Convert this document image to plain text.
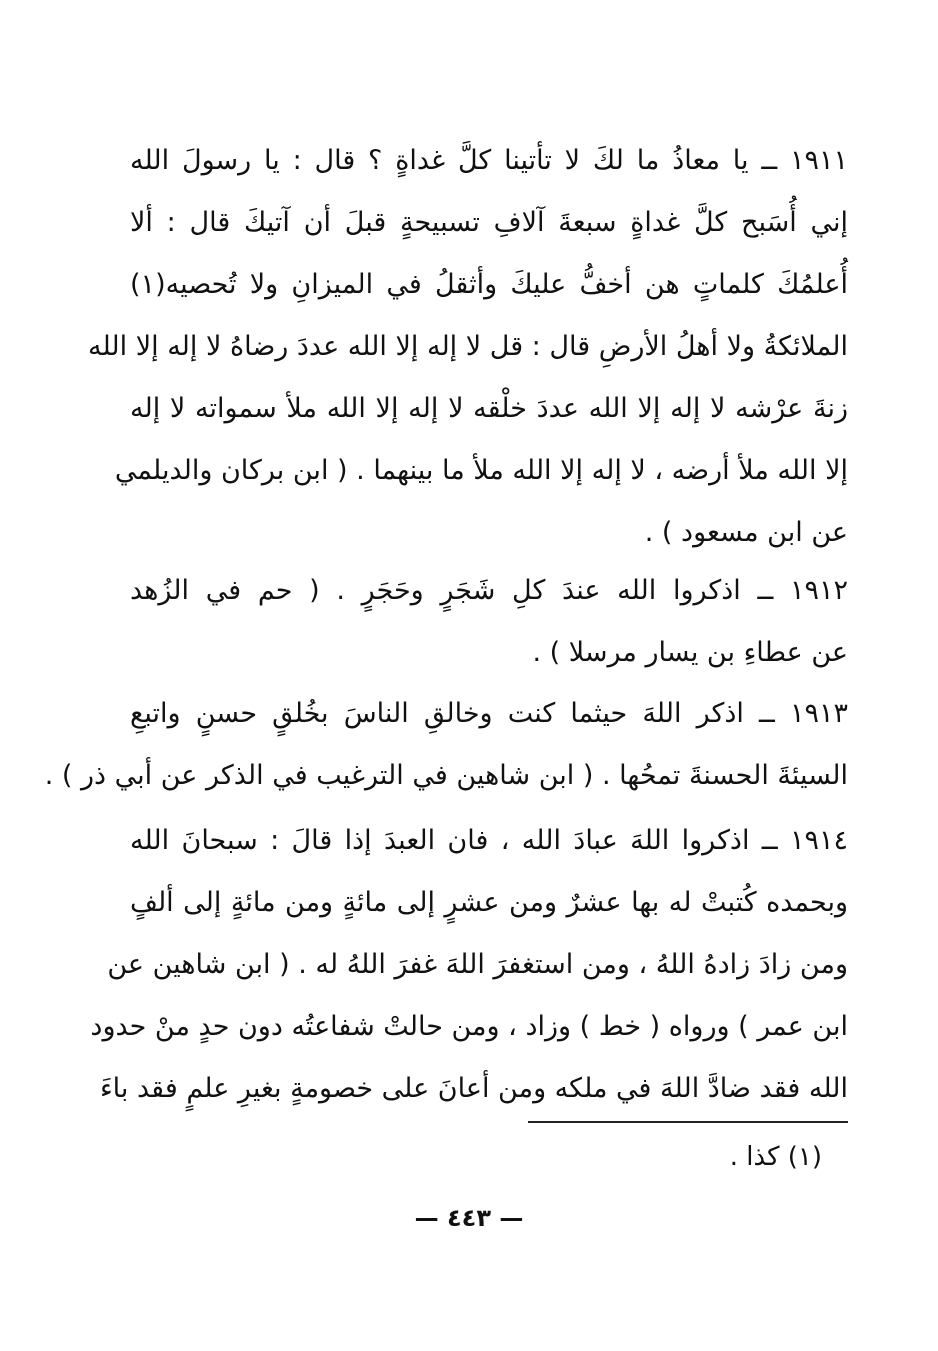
١٩١١ ــ يا معاذُ ما لكَ لا تأتينا كلَّ غداةٍ ؟ قال : يا رسولَ الله
إني أُسَبح كلَّ غداةٍ سبعةَ آلافِ تسبيحةٍ قبلَ أن آتيكَ قال : ألا
أُعلمُكَ كلماتٍ هن أخفُّ عليكَ وأثقلُ في الميزانِ ولا تُحصيه(١)
الملائكةُ ولا أهلُ الأرضِ قال : قل لا إله إلا الله عددَ رضاهُ لا إله إلا الله
زنةَ عرْشه لا إله إلا الله عددَ خلْقه لا إله إلا الله ملأ سمواته لا إله
إلا الله ملأ أرضه ، لا إله إلا الله ملأ ما بينهما . ( ابن بركان والديلمي
عن ابن مسعود ) .
١٩١٢ ــ اذكروا الله عندَ كلِ شَجَرٍ وحَجَرٍ . ( حم في الزُهد
عن عطاءِ بن يسار مرسلا ) .
١٩١٣ ــ اذكر اللهَ حيثما كنت وخالقِ الناسَ بخُلقٍ حسنٍ واتبعِ
السيئةَ الحسنةَ تمحُها . ( ابن شاهين في الترغيب في الذكر عن أبي ذر ) .
١٩١٤ ــ اذكروا اللهَ عبادَ الله ، فان العبدَ إذا قالَ : سبحانَ الله
وبحمده كُتبتْ له بها عشرٌ ومن عشرٍ إلى مائةٍ ومن مائةٍ إلى ألفٍ
ومن زادَ زادهُ اللهُ ، ومن استغفرَ اللهَ غفرَ اللهُ له . ( ابن شاهين عن
ابن عمر ) ورواه ( خط ) وزاد ، ومن حالتْ شفاعتُه دون حدٍ منْ حدود
الله فقد ضادَّ اللهَ في ملكه ومن أعانَ على خصومةٍ بغيرِ علمٍ فقد باءَ
(١) كذا .
— ٤٤٣ —
